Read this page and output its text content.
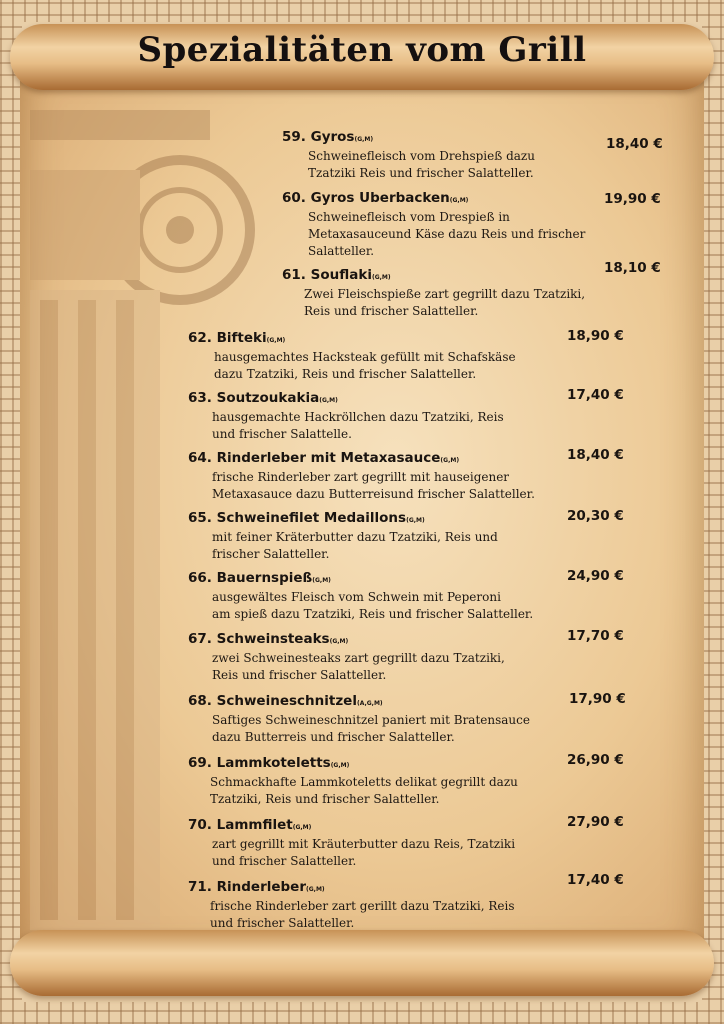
Spezialitäten vom Grill
59. Gyros(G,M)
Schweinefleisch vom Drehspieß dazu
Tzatziki Reis und frischer Salatteller.
18,40 €
60. Gyros Uberbacken(G,M)
Schweinefleisch vom Drespieß in
Metaxasauceund Käse dazu Reis und frischer
Salatteller.
19,90 €
61. Souflaki(G,M)
Zwei Fleischspieße zart gegrillt dazu Tzatziki,
Reis und frischer Salatteller.
18,10 €
62. Bifteki(G,M)
hausgemachtes Hacksteak gefüllt mit Schafskäse
dazu Tzatziki, Reis und frischer Salatteller.
18,90 €
63. Soutzoukakia(G,M)
hausgemachte Hackröllchen dazu Tzatziki, Reis
und frischer Salattelle.
17,40 €
64. Rinderleber mit Metaxasauce(G,M)
frische Rinderleber zart gegrillt mit hauseigener
Metaxasauce dazu Butterreisund frischer Salatteller.
18,40 €
65. Schweinefilet Medaillons(G,M)
mit feiner Kräterbutter dazu Tzatziki, Reis und
frischer Salatteller.
20,30 €
66. Bauernspieß(G,M)
ausgewältes Fleisch vom Schwein mit Peperoni
am spieß dazu Tzatziki, Reis und frischer Salatteller.
24,90 €
67. Schweinsteaks(G,M)
zwei Schweinesteaks zart gegrillt dazu Tzatziki,
Reis und frischer Salatteller.
17,70 €
68. Schweineschnitzel(A,G,M)
Saftiges Schweineschnitzel paniert mit Bratensauce
dazu Butterreis und frischer Salatteller.
17,90 €
69. Lammkoteletts(G,M)
Schmackhafte Lammkoteletts delikat gegrillt dazu
Tzatziki, Reis und frischer Salatteller.
26,90 €
70. Lammfilet(G,M)
zart gegrillt mit Kräuterbutter dazu Reis, Tzatziki
und frischer Salatteller.
27,90 €
71. Rinderleber(G,M)
frische Rinderleber zart gerillt dazu Tzatziki, Reis
und frischer Salatteller.
17,40 €
